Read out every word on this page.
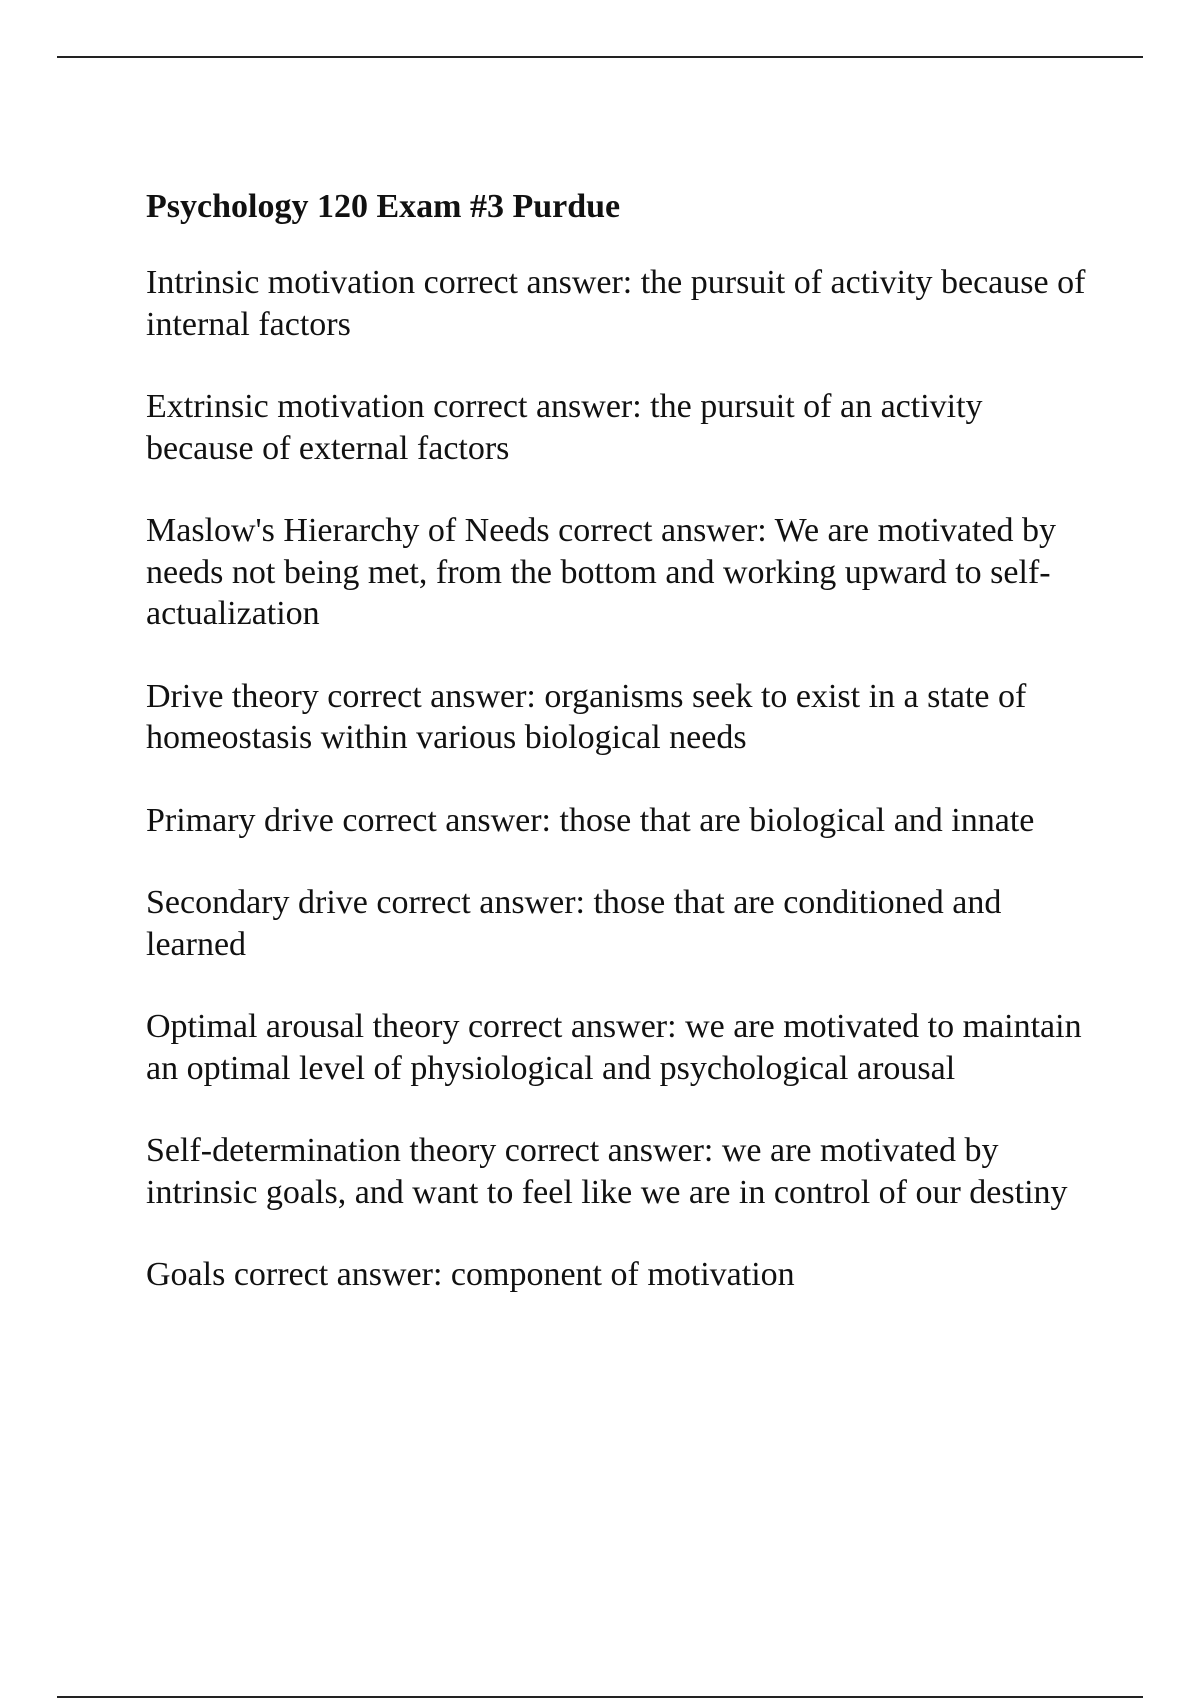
Psychology 120 Exam #3 Purdue
Intrinsic motivation correct answer: the pursuit of activity because of internal factors
Extrinsic motivation correct answer: the pursuit of an activity because of external factors
Maslow's Hierarchy of Needs correct answer: We are motivated by needs not being met, from the bottom and working upward to self-actualization
Drive theory correct answer: organisms seek to exist in a state of homeostasis within various biological needs
Primary drive correct answer: those that are biological and innate
Secondary drive correct answer: those that are conditioned and learned
Optimal arousal theory correct answer: we are motivated to maintain an optimal level of physiological and psychological arousal
Self-determination theory correct answer: we are motivated by intrinsic goals, and want to feel like we are in control of our destiny
Goals correct answer: component of motivation
